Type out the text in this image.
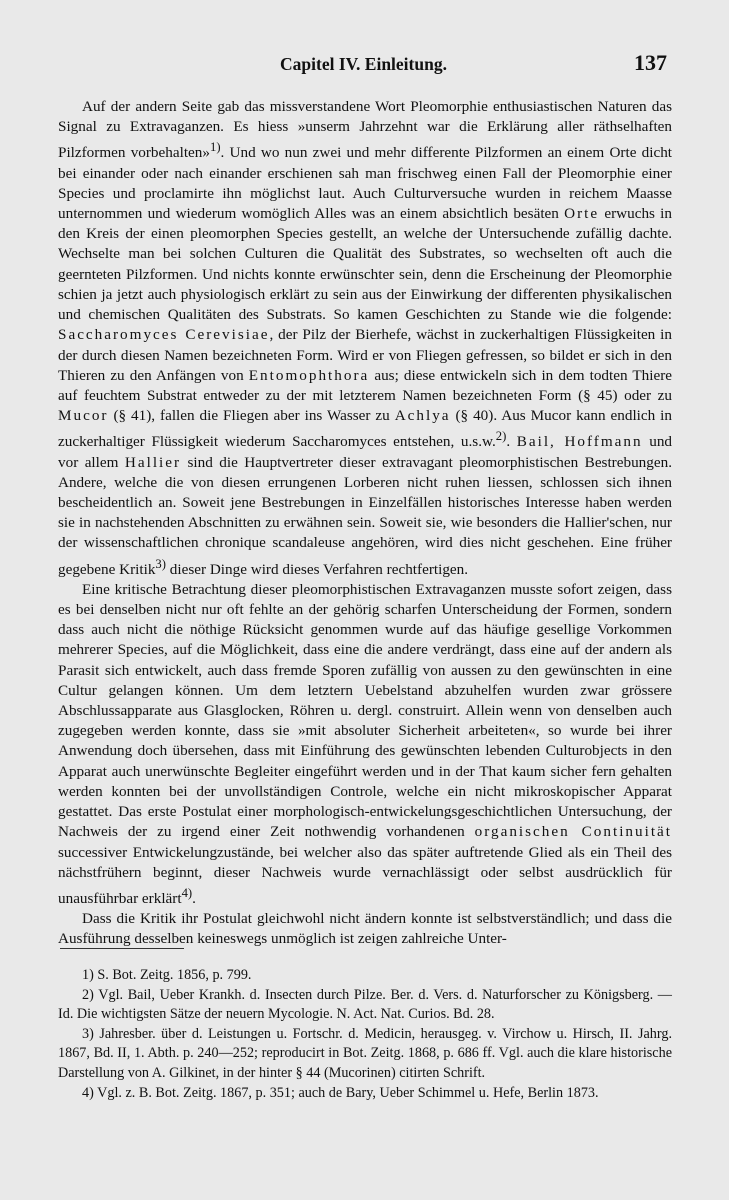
Capitel IV. Einleitung.	137

Auf der andern Seite gab das missverstandene Wort Pleomorphie enthusiastischen Naturen das Signal zu Extravaganzen. Es hiess »unserm Jahrzehnt war die Erklärung aller räthselhaften Pilzformen vorbehalten»$^{1)}$. Und wo nun zwei und mehr differente Pilzformen an einem Orte dicht bei einander oder nach einander erschienen sah man frischweg einen Fall der Pleomorphie einer Species und proclamirte ihn möglichst laut. Auch Culturversuche wurden in reichem Maasse unternommen und wiederum womöglich Alles was an einem absichtlich besäten Orte erwuchs in den Kreis der einen pleomorphen Species gestellt, an welche der Untersuchende zufällig dachte. Wechselte man bei solchen Culturen die Qualität des Substrates, so wechselten oft auch die geernteten Pilzformen. Und nichts konnte erwünschter sein, denn die Erscheinung der Pleomorphie schien ja jetzt auch physiologisch erklärt zu sein aus der Einwirkung der differenten physikalischen und chemischen Qualitäten des Substrats. So kamen Geschichten zu Stande wie die folgende: Saccharomyces Cerevisiae, der Pilz der Bierhefe, wächst in zuckerhaltigen Flüssigkeiten in der durch diesen Namen bezeichneten Form. Wird er von Fliegen gefressen, so bildet er sich in den Thieren zu den Anfängen von Entomophthora aus; diese entwickeln sich in dem todten Thiere auf feuchtem Substrat entweder zu der mit letzterem Namen bezeichneten Form (§ 45) oder zu Mucor (§ 41), fallen die Fliegen aber ins Wasser zu Achlya (§ 40). Aus Mucor kann endlich in zuckerhaltiger Flüssigkeit wiederum Saccharomyces entstehen, u.s.w.$^{2)}$. Bail, Hoffmann und vor allem Hallier sind die Hauptvertreter dieser extravagant pleomorphistischen Bestrebungen. Andere, welche die von diesen errungenen Lorberen nicht ruhen liessen, schlossen sich ihnen bescheidentlich an. Soweit jene Bestrebungen in Einzelfällen historisches Interesse haben werden sie in nachstehenden Abschnitten zu erwähnen sein. Soweit sie, wie besonders die Hallier'schen, nur der wissenschaftlichen chronique scandaleuse angehören, wird dies nicht geschehen. Eine früher gegebene Kritik$^{3)}$ dieser Dinge wird dieses Verfahren rechtfertigen.

Eine kritische Betrachtung dieser pleomorphistischen Extravaganzen musste sofort zeigen, dass es bei denselben nicht nur oft fehlte an der gehörig scharfen Unterscheidung der Formen, sondern dass auch nicht die nöthige Rücksicht genommen wurde auf das häufige gesellige Vorkommen mehrerer Species, auf die Möglichkeit, dass eine die andere verdrängt, dass eine auf der andern als Parasit sich entwickelt, auch dass fremde Sporen zufällig von aussen zu den gewünschten in eine Cultur gelangen können. Um dem letztern Uebelstand abzuhelfen wurden zwar grössere Abschlussapparate aus Glasglocken, Röhren u. dergl. construirt. Allein wenn von denselben auch zugegeben werden konnte, dass sie »mit absoluter Sicherheit arbeiteten«, so wurde bei ihrer Anwendung doch übersehen, dass mit Einführung des gewünschten lebenden Culturobjects in den Apparat auch unerwünschte Begleiter eingeführt werden und in der That kaum sicher fern gehalten werden konnten bei der unvollständigen Controle, welche ein nicht mikroskopischer Apparat gestattet. Das erste Postulat einer morphologisch-entwickelungsgeschichtlichen Untersuchung, der Nachweis der zu irgend einer Zeit nothwendig vorhandenen organischen Continuität successiver Entwickelungzustände, bei welcher also das später auftretende Glied als ein Theil des nächstfrühern beginnt, dieser Nachweis wurde vernachlässigt oder selbst ausdrücklich für unausführbar erklärt$^{4)}$.

Dass die Kritik ihr Postulat gleichwohl nicht ändern konnte ist selbstverständlich; und dass die Ausführung desselben keineswegs unmöglich ist zeigen zahlreiche Unter-

1) S. Bot. Zeitg. 1856, p. 799.

2) Vgl. Bail, Ueber Krankh. d. Insecten durch Pilze. Ber. d. Vers. d. Naturforscher zu Königsberg. — Id. Die wichtigsten Sätze der neuern Mycologie. N. Act. Nat. Curios. Bd. 28.

3) Jahresber. über d. Leistungen u. Fortschr. d. Medicin, herausgeg. v. Virchow u. Hirsch, II. Jahrg. 1867, Bd. II, 1. Abth. p. 240—252; reproducirt in Bot. Zeitg. 1868, p. 686 ff. Vgl. auch die klare historische Darstellung von A. Gilkinet, in der hinter § 44 (Mucorinen) citirten Schrift.

4) Vgl. z. B. Bot. Zeitg. 1867, p. 351; auch de Bary, Ueber Schimmel u. Hefe, Berlin 1873.
